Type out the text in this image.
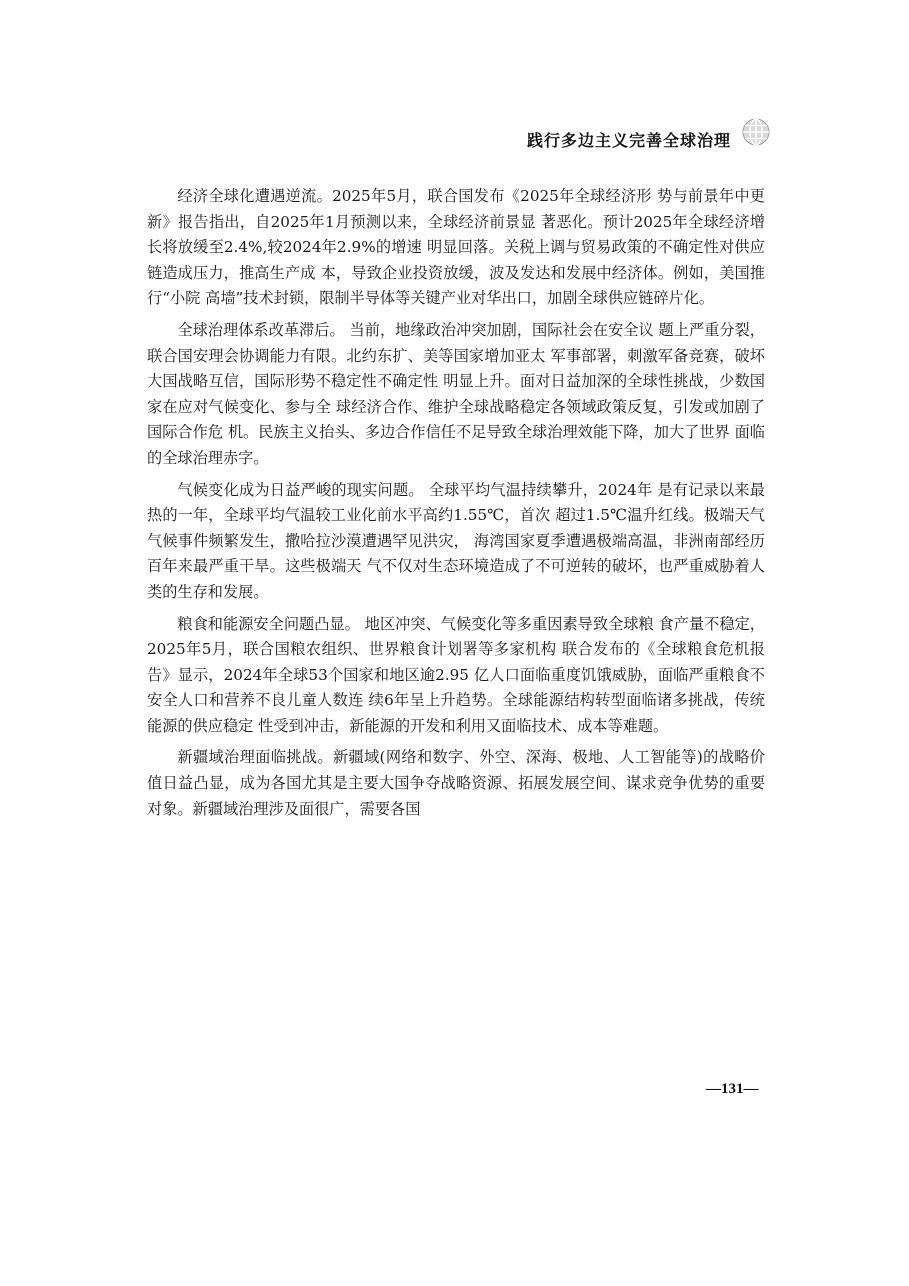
践行多边主义完善全球治理

经济全球化遭遇逆流。2025年5月，联合国发布《2025年全球经济形 势与前景年中更新》报告指出，自2025年1月预测以来，全球经济前景显 著恶化。预计2025年全球经济增长将放缓至2.4%,较2024年2.9%的增速 明显回落。关税上调与贸易政策的不确定性对供应链造成压力，推高生产成 本，导致企业投资放缓，波及发达和发展中经济体。例如，美国推行“小院 高墙”技术封锁，限制半导体等关键产业对华出口，加剧全球供应链碎片化。

全球治理体系改革滞后。 当前，地缘政治冲突加剧，国际社会在安全议 题上严重分裂，联合国安理会协调能力有限。北约东扩、美等国家增加亚太 军事部署，刺激军备竞赛，破坏大国战略互信，国际形势不稳定性不确定性 明显上升。面对日益加深的全球性挑战，少数国家在应对气候变化、参与全 球经济合作、维护全球战略稳定各领域政策反复，引发或加剧了国际合作危 机。民族主义抬头、多边合作信任不足导致全球治理效能下降，加大了世界 面临的全球治理赤字。

气候变化成为日益严峻的现实问题。 全球平均气温持续攀升，2024年 是有记录以来最热的一年，全球平均气温较工业化前水平高约1.55℃，首次 超过1.5℃温升红线。极端天气气候事件频繁发生，撒哈拉沙漠遭遇罕见洪灾， 海湾国家夏季遭遇极端高温，非洲南部经历百年来最严重干旱。这些极端天 气不仅对生态环境造成了不可逆转的破坏，也严重威胁着人类的生存和发展。

粮食和能源安全问题凸显。 地区冲突、气候变化等多重因素导致全球粮 食产量不稳定，2025年5月，联合国粮农组织、世界粮食计划署等多家机构 联合发布的《全球粮食危机报告》显示，2024年全球53个国家和地区逾2.95 亿人口面临重度饥饿威胁，面临严重粮食不安全人口和营养不良儿童人数连 续6年呈上升趋势。全球能源结构转型面临诸多挑战，传统能源的供应稳定 性受到冲击，新能源的开发和利用又面临技术、成本等难题。

新疆域治理面临挑战。新疆域(网络和数字、外空、深海、极地、人工智能等)的战略价值日益凸显，成为各国尤其是主要大国争夺战略资源、拓展发展空间、谋求竞争优势的重要对象。新疆域治理涉及面很广，需要各国

—131—
